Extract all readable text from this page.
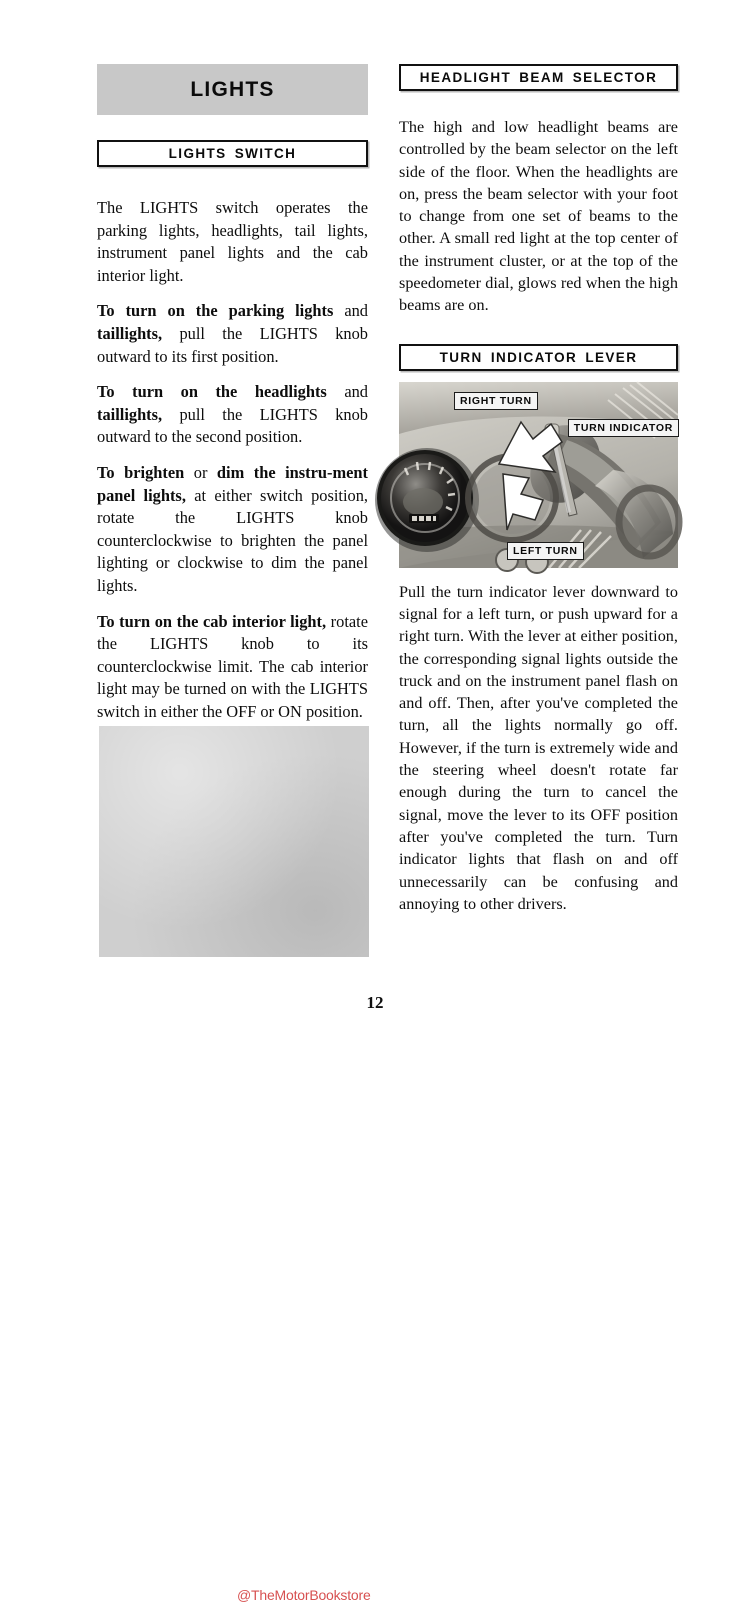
LIGHTS
LIGHTS SWITCH

The LIGHTS switch operates the parking lights, headlights, tail lights, instrument panel lights and the cab interior light.

To turn on the parking lights and taillights, pull the LIGHTS knob outward to its first position.

To turn on the headlights and taillights, pull the LIGHTS knob outward to the second position.

To brighten or dim the instru-ment panel lights, at either switch position, rotate the LIGHTS knob counterclockwise to brighten the panel lighting or clockwise to dim the panel lights.

To turn on the cab interior light, rotate the LIGHTS knob to its counterclockwise limit. The cab interior light may be turned on with the LIGHTS switch in either the OFF or ON position.

@TheMotorBookstore
HEADLIGHT BEAM SELECTOR

The high and low headlight beams are controlled by the beam selector on the left side of the floor. When the headlights are on, press the beam selector with your foot to change from one set of beams to the other. A small red light at the top center of the instrument cluster, or at the top of the speedometer dial, glows red when the high beams are on.

TURN INDICATOR LEVER
RIGHT TURN
TURN INDICATOR
LEFT TURN

Pull the turn indicator lever downward to signal for a left turn, or push upward for a right turn. With the lever at either position, the corresponding signal lights outside the truck and on the instrument panel flash on and off. Then, after you've completed the turn, all the lights normally go off. However, if the turn is extremely wide and the steering wheel doesn't rotate far enough during the turn to cancel the signal, move the lever to its OFF position after you've completed the turn. Turn indicator lights that flash on and off unnecessarily can be confusing and annoying to other drivers.

12
